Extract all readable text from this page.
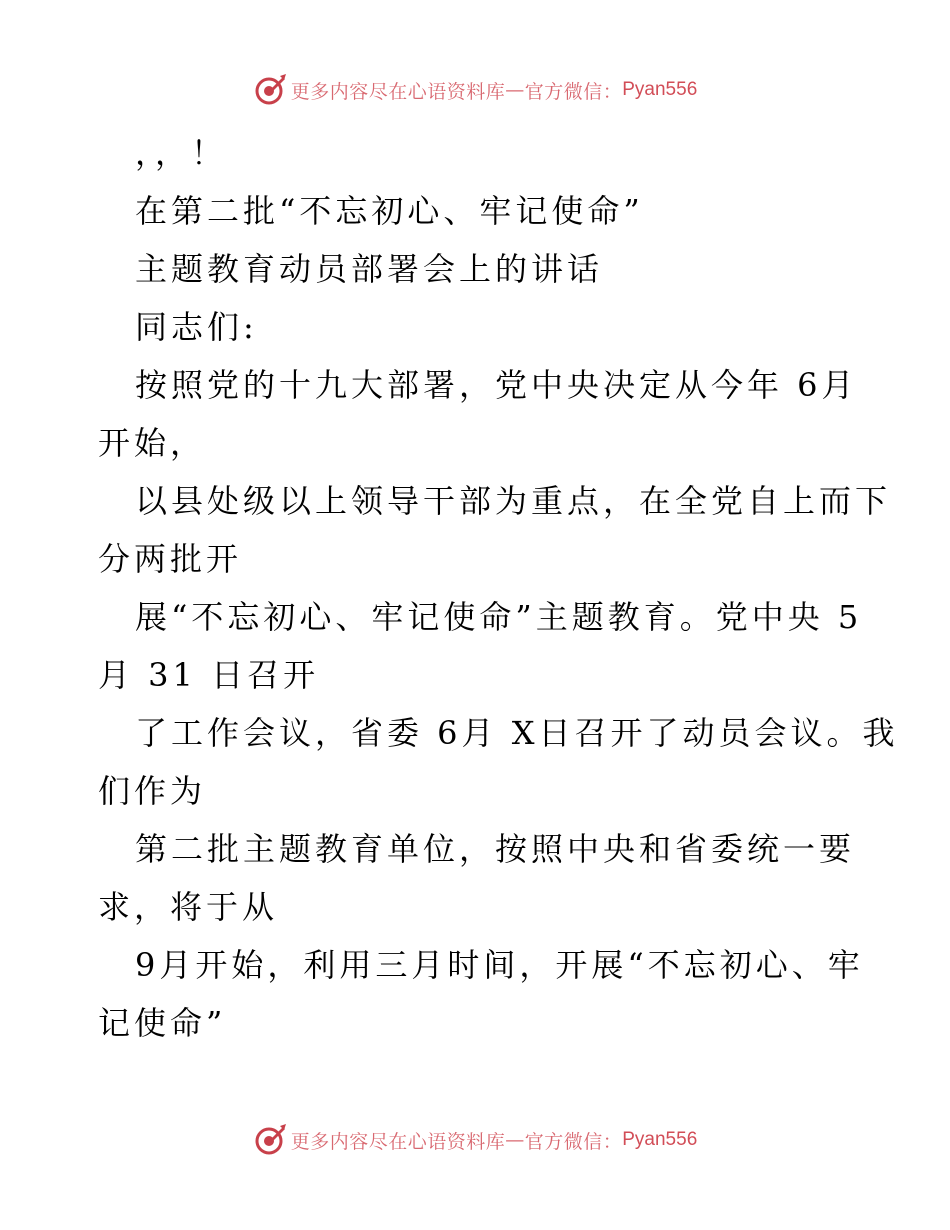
更多内容尽在心语资料库 — 官方微信： Pyan556
，，！
在第二批“不忘初心、牢记使命”
主题教育动员部署会上的讲话
同志们:
按照党的十九大部署，党中央决定从今年 6月
开始，
以县处级以上领导干部为重点，在全党自上而下
分两批开
展“不忘初心、牢记使命”主题教育。党中央 5
月 31 日召开
了工作会议，省委 6月 X日召开了动员会议。我
们作为
第二批主题教育单位，按照中央和省委统一要
求，将于从
9月开始，利用三月时间，开展“不忘初心、牢
记使命”
更多内容尽在心语资料库 — 官方微信： Pyan556
